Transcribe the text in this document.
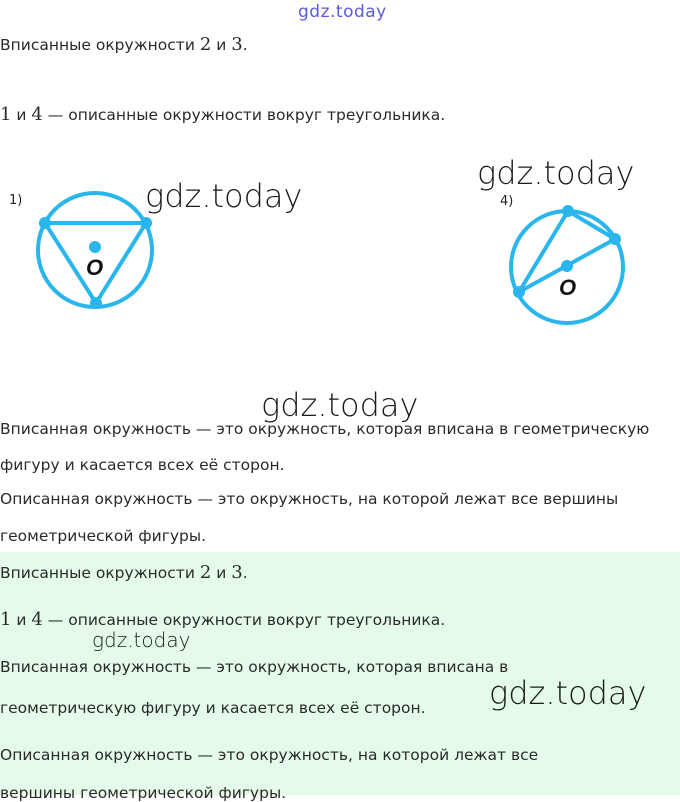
gdz.today
Вписанные окружности 2 и 3.
1 и 4 — описанные окружности вокруг треугольника.
1)
O
gdz.today
gdz.today
4)
O
gdz.today
Вписанная окружность — это окружность, которая вписана в геометрическую
фигуру и касается всех её сторон.
Описанная окружность — это окружность, на которой лежат все вершины
геометрической фигуры.
Вписанные окружности 2 и 3.
1 и 4 — описанные окружности вокруг треугольника.
gdz.today
Вписанная окружность — это окружность, которая вписана в
геометрическую фигуру и касается всех её сторон. gdz.today
Описанная окружность — это окружность, на которой лежат все
вершины геометрической фигуры.
